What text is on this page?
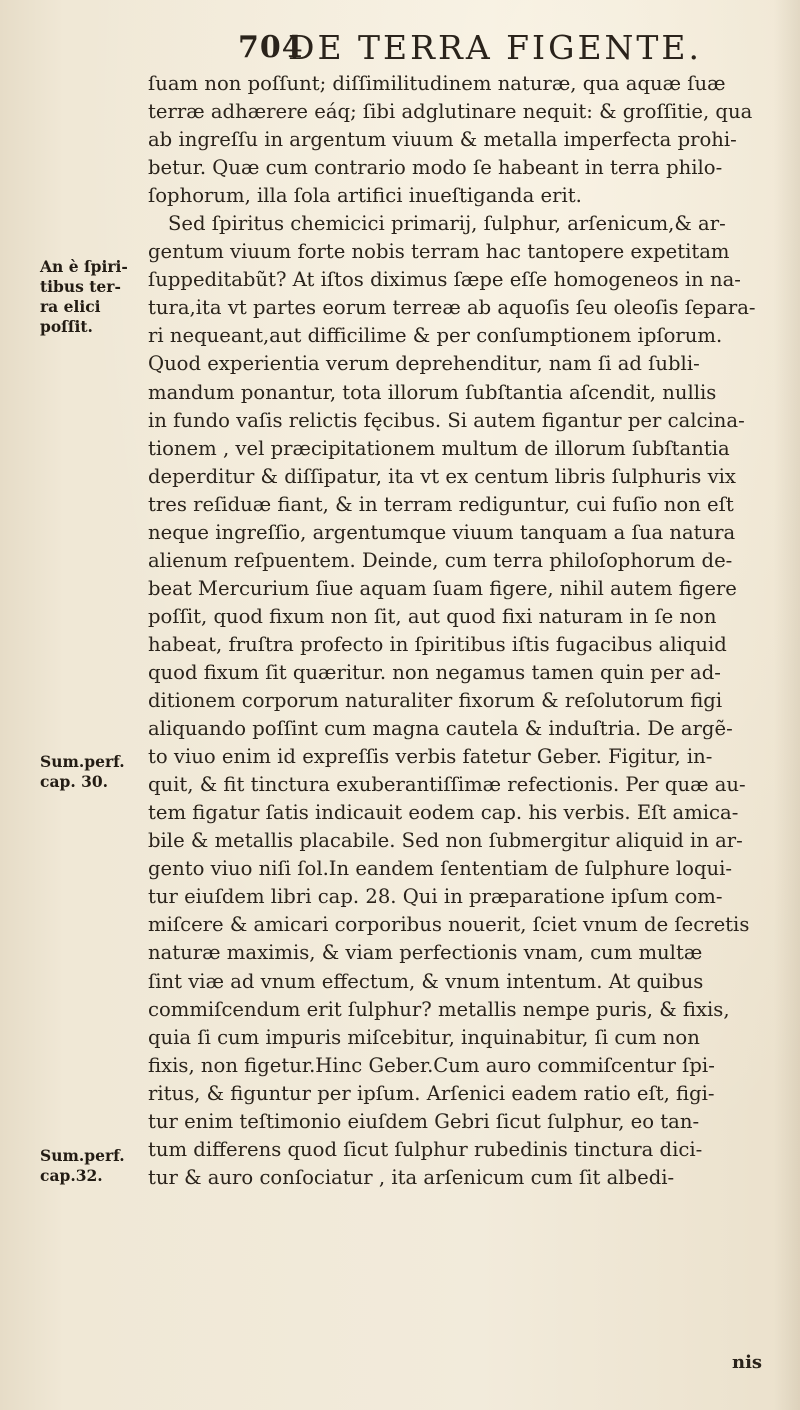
704
DE TERRA FIGENTE.
An è ſpiri-
tibus ter-
ra elici
poſſit.
Sum.perf.
cap. 30.
Sum.perf.
cap.32.
ſuam non poſſunt; diſſimilitudinem naturæ, qua aquæ ſuæ
terræ adhærere eáq; ſibi adglutinare nequit: & groſſitie, qua
ab ingreſſu in argentum viuum & metalla imperfecta prohi-
betur. Quæ cum contrario modo ſe habeant in terra philo-
ſophorum, illa ſola artifici inueſtiganda erit.
Sed ſpiritus chemicici primarij, ſulphur, arſenicum,& ar-
gentum viuum forte nobis terram hac tantopere expetitam
ſuppeditabũt? At iſtos diximus ſæpe eſſe homogeneos in na-
tura,ita vt partes eorum terreæ ab aquoſis ſeu oleoſis ſepara-
ri nequeant,aut difficilime & per conſumptionem ipſorum.
Quod experientia verum deprehenditur, nam ſi ad ſubli-
mandum ponantur, tota illorum ſubſtantia aſcendit, nullis
in fundo vaſis relictis fęcibus. Si autem figantur per calcina-
tionem , vel præcipitationem multum de illorum ſubſtantia
deperditur & diſſipatur, ita vt ex centum libris ſulphuris vix
tres reſiduæ fiant, & in terram rediguntur, cui fuſio non eſt
neque ingreſſio, argentumque viuum tanquam a ſua natura
alienum reſpuentem. Deinde, cum terra philoſophorum de-
beat Mercurium ſiue aquam ſuam figere, nihil autem figere
poſſit, quod fixum non ſit, aut quod fixi naturam in ſe non
habeat, fruſtra profecto in ſpiritibus iſtis fugacibus aliquid
quod fixum ſit quæritur. non negamus tamen quin per ad-
ditionem corporum naturaliter fixorum & reſolutorum figi
aliquando poſſint cum magna cautela & induſtria. De argẽ-
to viuo enim id expreſſis verbis fatetur Geber. Figitur, in-
quit, & fit tinctura exuberantiſſimæ refectionis. Per quæ au-
tem figatur ſatis indicauit eodem cap. his verbis. Eſt amica-
bile & metallis placabile. Sed non ſubmergitur aliquid in ar-
gento viuo niſi ſol.In eandem ſententiam de ſulphure loqui-
tur eiuſdem libri cap. 28. Qui in præparatione ipſum com-
miſcere & amicari corporibus nouerit, ſciet vnum de ſecretis
naturæ maximis, & viam perfectionis vnam, cum multæ
ſint viæ ad vnum effectum, & vnum intentum. At quibus
commiſcendum erit ſulphur? metallis nempe puris, & fixis,
quia ſi cum impuris miſcebitur, inquinabitur, ſi cum non
fixis, non figetur.Hinc Geber.Cum auro commiſcentur ſpi-
ritus, & figuntur per ipſum. Arſenici eadem ratio eſt, figi-
tur enim teſtimonio eiuſdem Gebri ſicut ſulphur, eo tan-
tum differens quod ſicut ſulphur rubedinis tinctura dici-
tur & auro conſociatur , ita arſenicum cum ſit albedi-
nis
